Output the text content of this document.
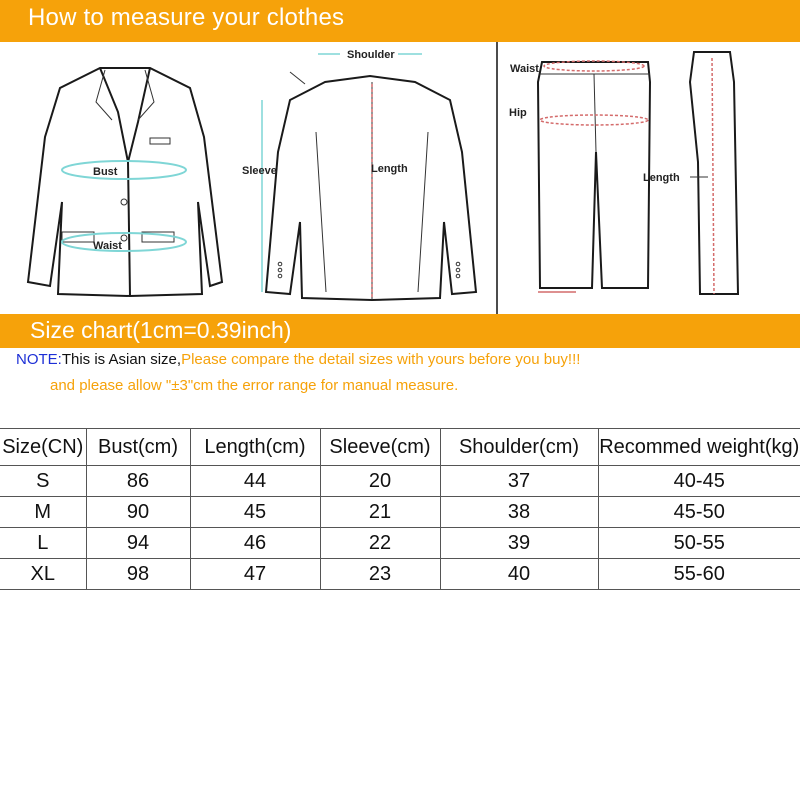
How to measure your clothes
Bust
Waist
Shoulder
Sleeve	Length
Waist
Hip
Length
Size chart(1cm=0.39inch)
NOTE:This is Asian size,Please compare the detail sizes with yours before you buy!!!
and please allow "±3"cm the error range for manual measure.
Size(CN)	Bust(cm)	Length(cm)	Sleeve(cm)	Shoulder(cm)	Recommed weight(kg)
S	86	44	20	37	40-45
M	90	45	21	38	45-50
L	94	46	22	39	50-55
XL	98	47	23	40	55-60
